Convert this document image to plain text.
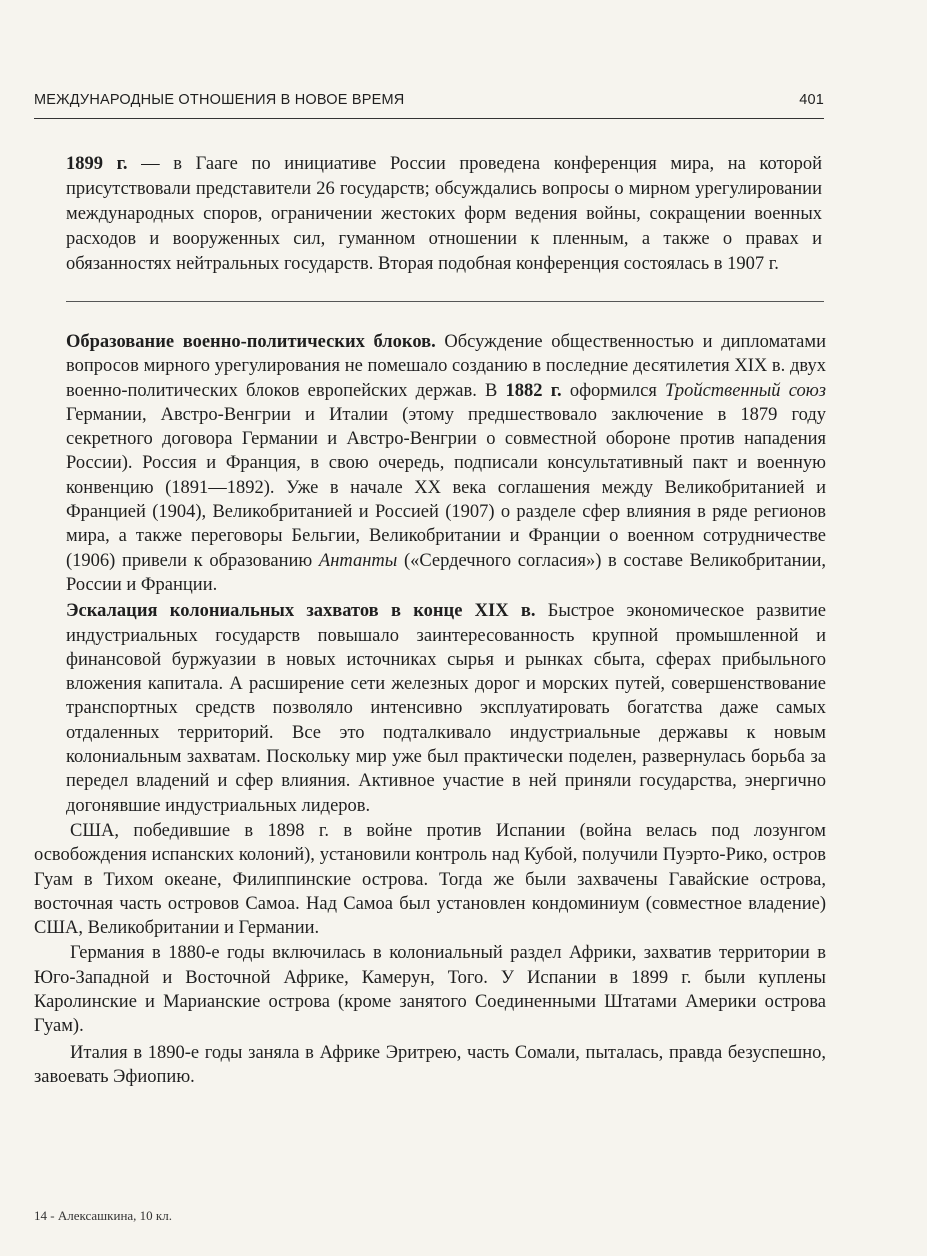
МЕЖДУНАРОДНЫЕ ОТНОШЕНИЯ В НОВОЕ ВРЕМЯ	401
1899 г. — в Гааге по инициативе России проведена конференция мира, на которой присутствовали представители 26 государств; обсуждались вопросы о мирном урегулировании международных споров, ограничении жестоких форм ведения войны, сокращении военных расходов и вооруженных сил, гуманном отношении к пленным, а также о правах и обязанностях нейтральных государств. Вторая подобная конференция состоялась в 1907 г.

Образование военно-политических блоков. Обсуждение общественностью и дипломатами вопросов мирного урегулирования не помешало созданию в последние десятилетия XIX в. двух военно-политических блоков европейских держав. В 1882 г. оформился Тройственный союз Германии, Австро-Венгрии и Италии (этому предшествовало заключение в 1879 году секретного договора Германии и Австро-Венгрии о совместной обороне против нападения России). Россия и Франция, в свою очередь, подписали консультативный пакт и военную конвенцию (1891—1892). Уже в начале XX века соглашения между Великобританией и Францией (1904), Великобританией и Россией (1907) о разделе сфер влияния в ряде регионов мира, а также переговоры Бельгии, Великобритании и Франции о военном сотрудничестве (1906) привели к образованию Антанты («Сердечного согласия») в составе Великобритании, России и Франции.

Эскалация колониальных захватов в конце XIX в. Быстрое экономическое развитие индустриальных государств повышало заинтересованность крупной промышленной и финансовой буржуазии в новых источниках сырья и рынках сбыта, сферах прибыльного вложения капитала. А расширение сети железных дорог и морских путей, совершенствование транспортных средств позволяло интенсивно эксплуатировать богатства даже самых отдаленных территорий. Все это подталкивало индустриальные державы к новым колониальным захватам. Поскольку мир уже был практически поделен, развернулась борьба за передел владений и сфер влияния. Активное участие в ней приняли государства, энергично догонявшие индустриальных лидеров.

США, победившие в 1898 г. в войне против Испании (война велась под лозунгом освобождения испанских колоний), установили контроль над Кубой, получили Пуэрто-Рико, остров Гуам в Тихом океане, Филиппинские острова. Тогда же были захвачены Гавайские острова, восточная часть островов Самоа. Над Самоа был установлен кондоминиум (совместное владение) США, Великобритании и Германии.

Германия в 1880-е годы включилась в колониальный раздел Африки, захватив территории в Юго-Западной и Восточной Африке, Камерун, Того. У Испании в 1899 г. были куплены Каролинские и Марианские острова (кроме занятого Соединенными Штатами Америки острова Гуам).

Италия в 1890-е годы заняла в Африке Эритрею, часть Сомали, пыталась, правда безуспешно, завоевать Эфиопию.

14 - Алексашкина, 10 кл.
